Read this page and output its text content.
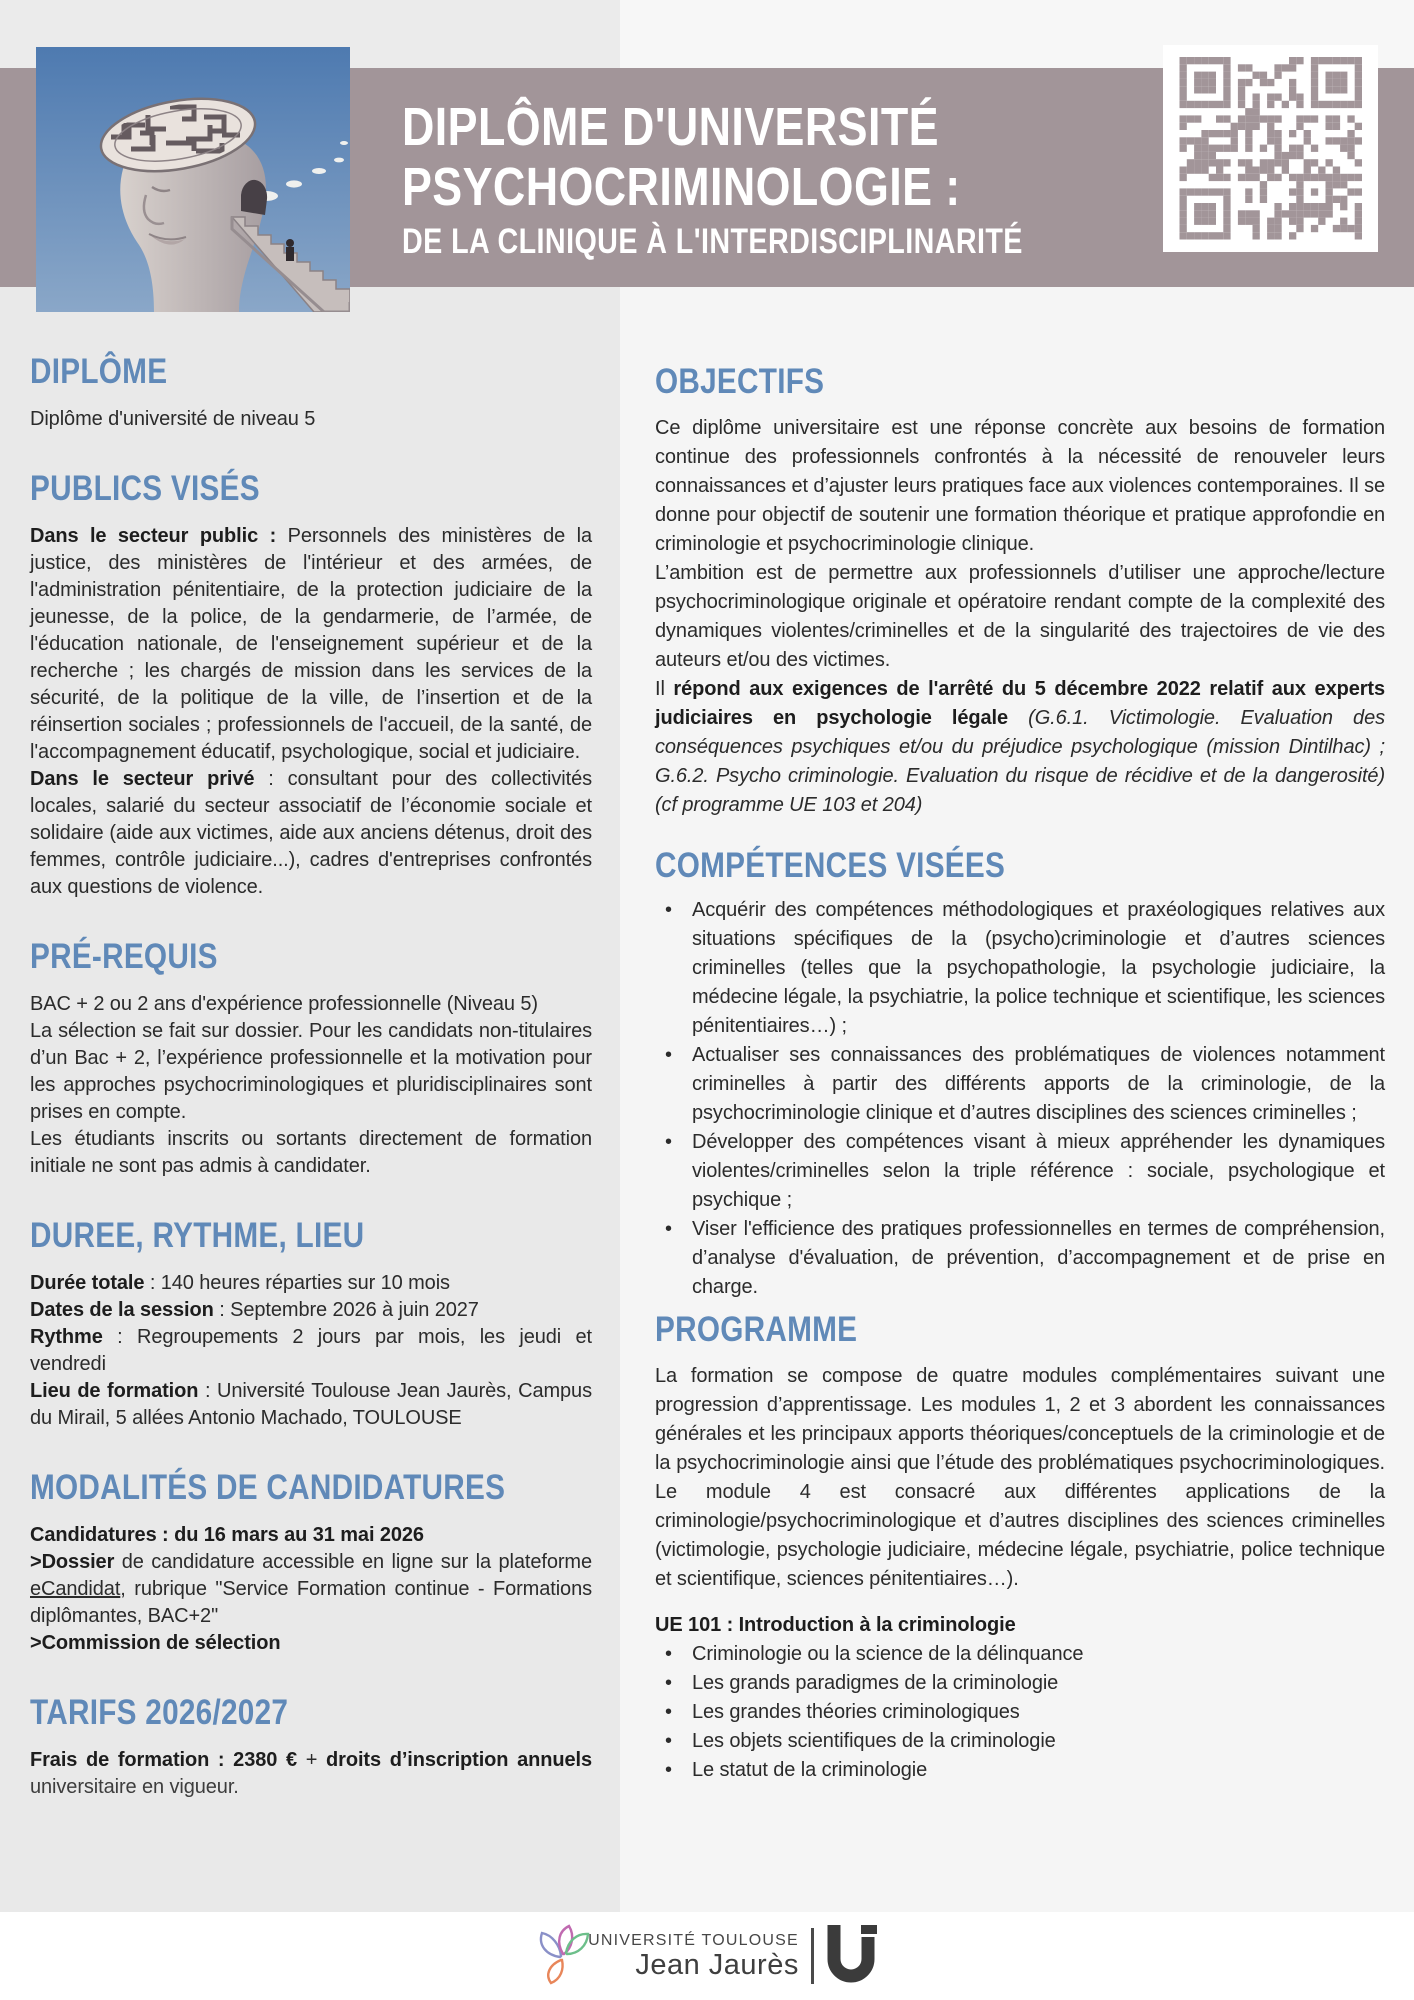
DIPLÔME D'UNIVERSITÉ
PSYCHOCRIMINOLOGIE :
DE LA CLINIQUE À L'INTERDISCIPLINARITÉ
DIPLÔME

Diplôme d'université de niveau 5

PUBLICS VISÉS

Dans le secteur public : Personnels des ministères de la justice, des ministères de l'intérieur et des armées, de l'administration pénitentiaire, de la protection judiciaire de la jeunesse, de la police, de la gendarmerie, de l’armée, de l'éducation nationale, de l'enseignement supérieur et de la recherche ; les chargés de mission dans les services de la sécurité, de la politique de la ville, de l’insertion et de la réinsertion sociales ; professionnels de l'accueil, de la santé, de l'accompagnement éducatif, psychologique, social et judiciaire.

Dans le secteur privé : consultant pour des collectivités locales, salarié du secteur associatif de l’économie sociale et solidaire (aide aux victimes, aide aux anciens détenus, droit des femmes, contrôle judiciaire...), cadres d'entreprises confrontés aux questions de violence.

PRÉ-REQUIS

BAC + 2 ou 2 ans d'expérience professionnelle (Niveau 5)

La sélection se fait sur dossier. Pour les candidats non-titulaires d’un Bac + 2, l’expérience professionnelle et la motivation pour les approches psychocriminologiques et pluridisciplinaires sont prises en compte.

Les étudiants inscrits ou sortants directement de formation initiale ne sont pas admis à candidater.

DUREE, RYTHME, LIEU

Durée totale : 140 heures réparties sur 10 mois

Dates de la session : Septembre 2026 à juin 2027

Rythme : Regroupements 2 jours par mois, les jeudi et vendredi

Lieu de formation : Université Toulouse Jean Jaurès, Campus du Mirail, 5 allées Antonio Machado, TOULOUSE

MODALITÉS DE CANDIDATURES

Candidatures : du 16 mars au 31 mai 2026

>Dossier de candidature accessible en ligne sur la plateforme eCandidat, rubrique "Service Formation continue - Formations diplômantes, BAC+2"

>Commission de sélection

TARIFS 2026/2027

Frais de formation : 2380 € + droits d’inscription annuels universitaire en vigueur.

OBJECTIFS

Ce diplôme universitaire est une réponse concrète aux besoins de formation continue des professionnels confrontés à la nécessité de renouveler leurs connaissances et d’ajuster leurs pratiques face aux violences contemporaines. Il se donne pour objectif de soutenir une formation théorique et pratique approfondie en criminologie et psychocriminologie clinique.

L’ambition est de permettre aux professionnels d’utiliser une approche/lecture psychocriminologique originale et opératoire rendant compte de la complexité des dynamiques violentes/criminelles et de la singularité des trajectoires de vie des auteurs et/ou des victimes.

Il répond aux exigences de l'arrêté du 5 décembre 2022 relatif aux experts judiciaires en psychologie légale (G.6.1. Victimologie. Evaluation des conséquences psychiques et/ou du préjudice psychologique (mission Dintilhac) ; G.6.2. Psycho criminologie. Evaluation du risque de récidive et de la dangerosité) (cf programme UE 103 et 204)

COMPÉTENCES VISÉES
• Acquérir des compétences méthodologiques et praxéologiques relatives aux situations spécifiques de la (psycho)criminologie et d’autres sciences criminelles (telles que la psychopathologie, la psychologie judiciaire, la médecine légale, la psychiatrie, la police technique et scientifique, les sciences pénitentiaires…) ;
• Actualiser ses connaissances des problématiques de violences notamment criminelles à partir des différents apports de la criminologie, de la psychocriminologie clinique et d’autres disciplines des sciences criminelles ;
• Développer des compétences visant à mieux appréhender les dynamiques violentes/criminelles selon la triple référence : sociale, psychologique et psychique ;
• Viser l'efficience des pratiques professionnelles en termes de compréhension, d’analyse d'évaluation, de prévention, d’accompagnement et de prise en charge.
PROGRAMME

La formation se compose de quatre modules complémentaires suivant une progression d’apprentissage. Les modules 1, 2 et 3 abordent les connaissances générales et les principaux apports théoriques/conceptuels de la criminologie et de la psychocriminologie ainsi que l’étude des problématiques psychocriminologiques. Le module 4 est consacré aux différentes applications de la criminologie/psychocriminologique et d’autres disciplines des sciences criminelles (victimologie, psychologie judiciaire, médecine légale, psychiatrie, police technique et scientifique, sciences pénitentiaires…).

UE 101 : Introduction à la criminologie

• Criminologie ou la science de la délinquance
• Les grands paradigmes de la criminologie
• Les grandes théories criminologiques
• Les objets scientifiques de la criminologie
• Le statut de la criminologie
UNIVERSITÉ TOULOUSE
Jean Jaurès
